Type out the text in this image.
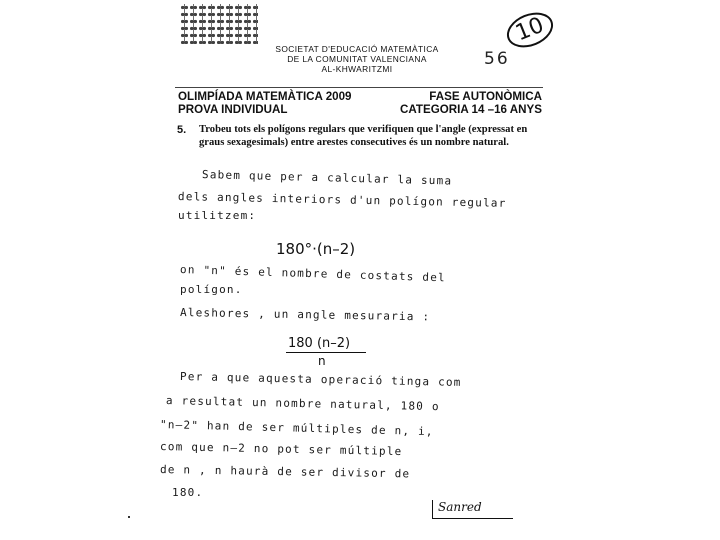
10
56
SOCIETAT D'EDUCACIÓ MATEMÀTICA
DE LA COMUNITAT VALENCIANA
AL-KHWARITZMI
OLIMPÍADA MATEMÀTICA 2009
PROVA INDIVIDUAL
FASE AUTONÒMICA
CATEGORIA 14 –16 ANYS
5. Trobeu tots els polígons regulars que verifiquen que l'angle (expressat en graus sexagesimals) entre arestes consecutives és un nombre natural.
Sabem que per a calcular la suma
dels angles interiors d'un polígon regular
utilitzem:
180°·(n–2)
on "n" és el nombre de costats del
polígon.
Aleshores , un angle mesuraria :
180 (n–2)
n
Per a que aquesta operació tinga com
a resultat un nombre natural, 180 o
"n–2" han de ser múltiples de n, i,
com que n–2 no pot ser múltiple
de n , n haurà de ser divisor de
180.
Sanred
